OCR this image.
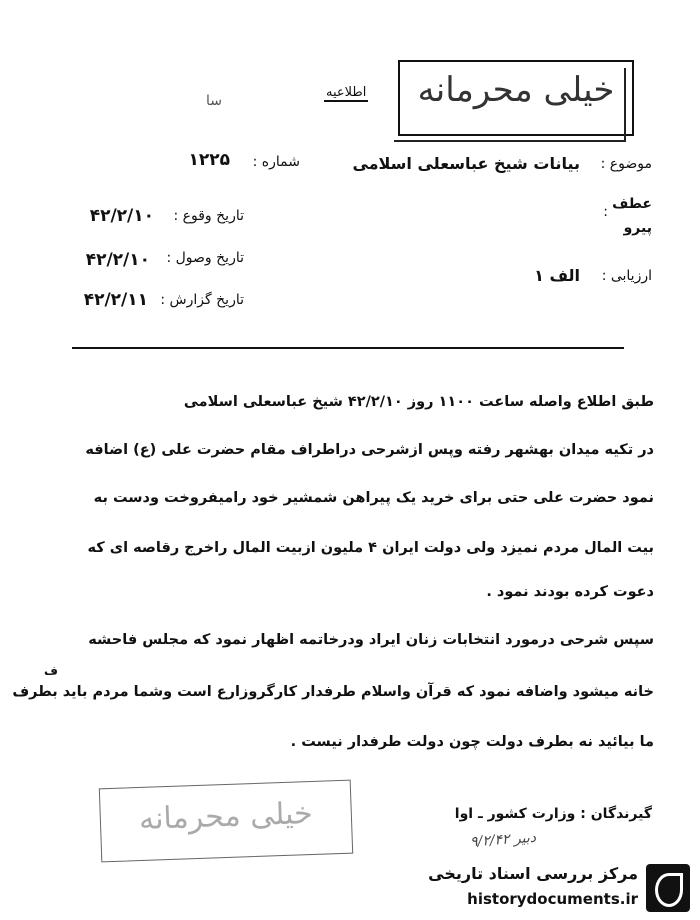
خیلی محرمانه
اطلاعیه
سا
موضوع :
بیانات شیخ عباسعلی اسلامی
عطف
:
پیرو
ارزیابی :
الف ۱
شماره :
۱۲۲۵
تاریخ وقوع :
۴۲/۲/۱۰
تاریخ وصول :
۴۲/۲/۱۰
تاریخ گزارش :
۴۲/۲/۱۱
طبق اطلاع واصله ساعت ۱۱۰۰ روز ۴۲/۲/۱۰ شیخ عباسعلی اسلامی
در تکیه میدان بهشهر رفته وپس ازشرحی دراطراف مقام حضرت علی (ع) اضافه
نمود حضرت علی حتی برای خرید یک پیراهن شمشیر خود رامیفروخت ودست به
بیت المال مردم نمیزد ولی دولت ایران ۴ ملیون ازبیت المال راخرج رقاصه ای که
دعوت کرده بودند نمود .
سپس شرحی درمورد انتخابات زنان ایراد ودرخاتمه اظهار نمود که مجلس فاحشه
ف
خانه میشود واضافه نمود که قرآن واسلام طرفدار کارگروزارع است وشما مردم باید بطرف
ما بیائید نه بطرف دولت چون دولت طرفدار نیست .
خیلی محرمانه	گیرندگان : وزارت کشور ـ اوا
دبیر ۹/۲/۴۲
مرکز بررسی اسناد تاریخی
historydocuments.ir
